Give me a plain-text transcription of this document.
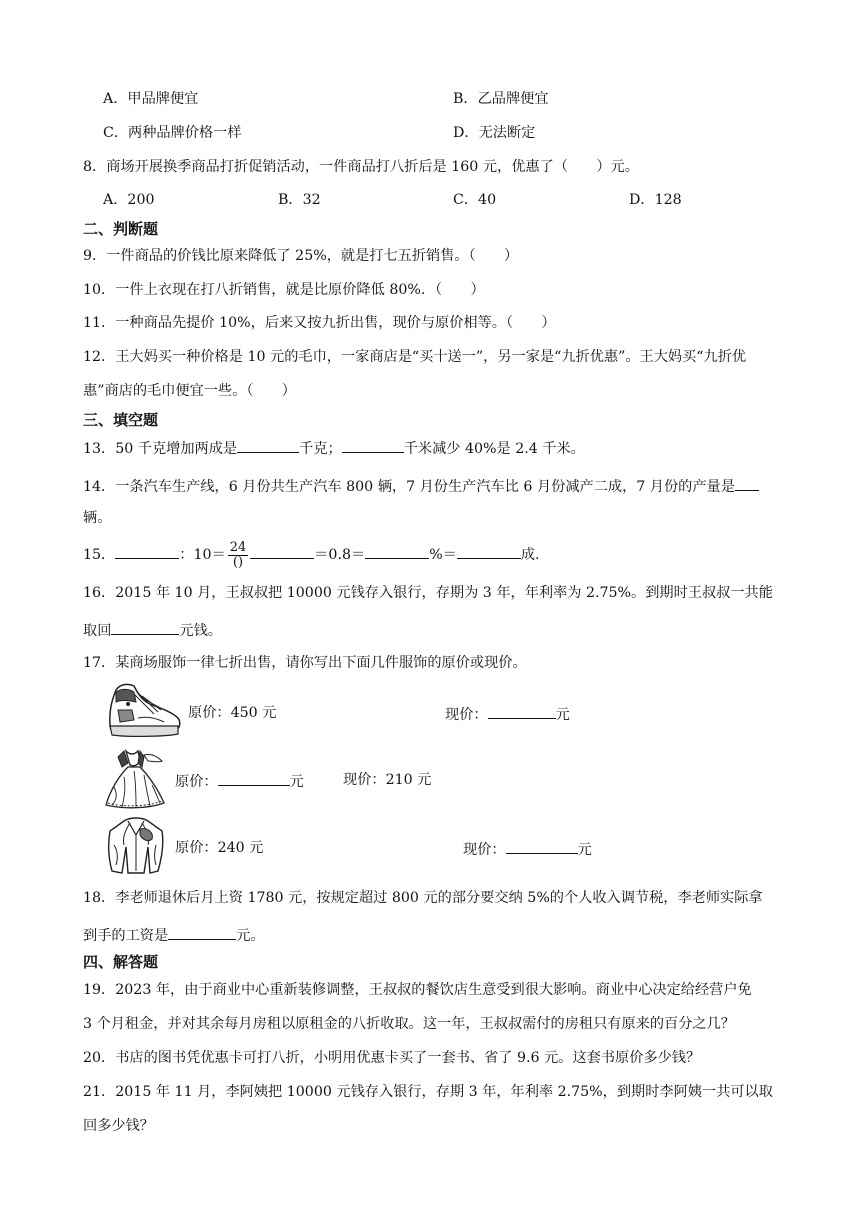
A．甲品牌便宜	B．乙品牌便宜
C．两种品牌价格一样	D．无法断定
8．商场开展换季商品打折促销活动，一件商品打八折后是 160 元，优惠了（　　）元。
A．200	B．32	C．40	D．128
二、判断题
9．一件商品的价钱比原来降低了 25%，就是打七五折销售。（　　）
10．一件上衣现在打八折销售，就是比原价降低 80%．（　　）
11．一种商品先提价 10%，后来又按九折出售，现价与原价相等。（　　）
12．王大妈买一种价格是 10 元的毛巾，一家商店是“买十送一”，另一家是“九折优惠”。王大妈买“九折优
惠”商店的毛巾便宜一些。（　　）
三、填空题
13．50 千克增加两成是	千克；	千米减少 40%是 2.4 千米。
14．一条汽车生产线，6 月份共生产汽车 800 辆，7 月份生产汽车比 6 月份减产二成，7 月份的产量是
辆。
15．	：$10= \frac{24}{()}$	＝0.8＝	%＝	成.
16．2015 年 10 月，王叔叔把 10000 元钱存入银行，存期为 3 年，年利率为 2.75%。到期时王叔叔一共能
取回	元钱。
17．某商场服饰一律七折出售，请你写出下面几件服饰的原价或现价。
原价：450 元	现价：	元
原价：	元	现价：210 元
原价：240 元	现价：	元
18．李老师退休后月上资 1780 元，按规定超过 800 元的部分要交纳 5%的个人收入调节税，李老师实际拿
到手的工资是	元。
四、解答题
19．2023 年，由于商业中心重新装修调整，王叔叔的餐饮店生意受到很大影响。商业中心决定给经营户免
3 个月租金，并对其余每月房租以原租金的八折收取。这一年，王叔叔需付的房租只有原来的百分之几？
20．书店的图书凭优惠卡可打八折，小明用优惠卡买了一套书、省了 9.6 元。这套书原价多少钱？
21．2015 年 11 月，李阿姨把 10000 元钱存入银行，存期 3 年，年利率 2.75%，到期时李阿姨一共可以取
回多少钱？
